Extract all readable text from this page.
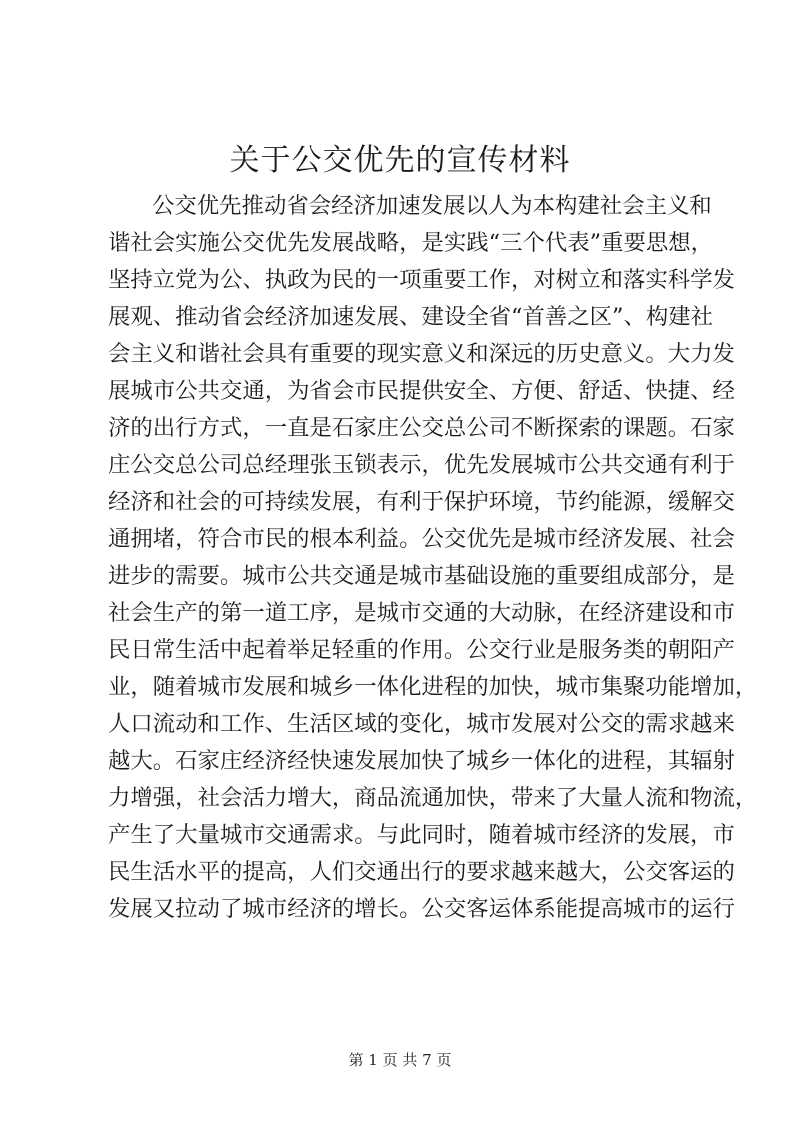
关于公交优先的宣传材料
公交优先推动省会经济加速发展以人为本构建社会主义和
谐社会实施公交优先发展战略，是实践“三个代表”重要思想，
坚持立党为公、执政为民的一项重要工作，对树立和落实科学发
展观、推动省会经济加速发展、建设全省“首善之区”、构建社
会主义和谐社会具有重要的现实意义和深远的历史意义。大力发
展城市公共交通，为省会市民提供安全、方便、舒适、快捷、经
济的出行方式，一直是石家庄公交总公司不断探索的课题。石家
庄公交总公司总经理张玉锁表示，优先发展城市公共交通有利于
经济和社会的可持续发展，有利于保护环境，节约能源，缓解交
通拥堵，符合市民的根本利益。公交优先是城市经济发展、社会
进步的需要。城市公共交通是城市基础设施的重要组成部分，是
社会生产的第一道工序，是城市交通的大动脉，在经济建设和市
民日常生活中起着举足轻重的作用。公交行业是服务类的朝阳产
业，随着城市发展和城乡一体化进程的加快，城市集聚功能增加，
人口流动和工作、生活区域的变化，城市发展对公交的需求越来
越大。石家庄经济经快速发展加快了城乡一体化的进程，其辐射
力增强，社会活力增大，商品流通加快，带来了大量人流和物流，
产生了大量城市交通需求。与此同时，随着城市经济的发展，市
民生活水平的提高，人们交通出行的要求越来越大，公交客运的
发展又拉动了城市经济的增长。公交客运体系能提高城市的运行
第 1 页 共 7 页
